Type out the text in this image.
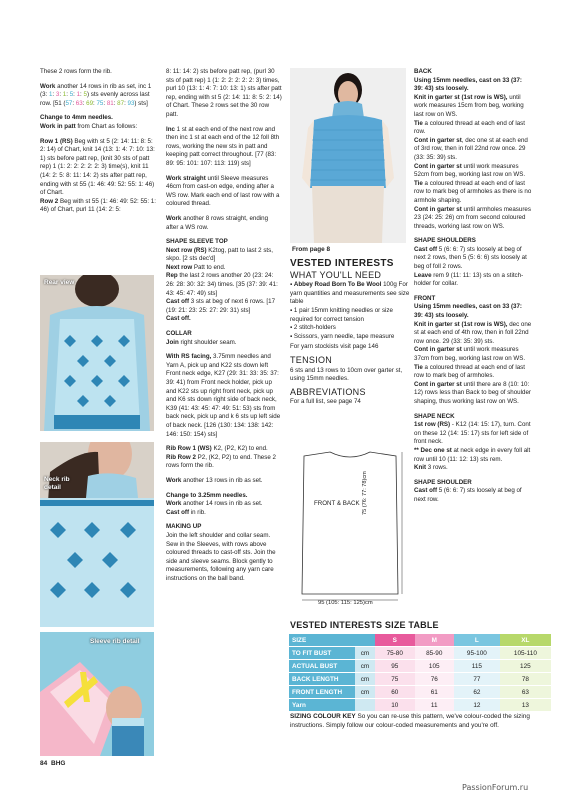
These 2 rows form the rib.

Work another 14 rows in rib as set, inc 1 (3: 1: 3: 1: 5: 1: 5) sts evenly across last row. [51 (57: 63: 69: 75: 81: 87: 93) sts]

Change to 4mm needles.

Work in patt from Chart as follows:

Row 1 (RS) Beg with st 5 (2: 14: 11: 8: 5: 2: 14) of Chart, knit 14 (13: 1: 4: 7: 10: 13: 1) sts before patt rep, (knit 30 sts of patt rep) 1 (1: 2: 2: 2: 2: 2: 3) time(s), knit 11 (14: 2: 5: 8: 11: 14: 2) sts after patt rep, ending with st 55 (1: 46: 49: 52: 55: 1: 46) of Chart.

Row 2 Beg with st 55 (1: 46: 49: 52: 55: 1: 46) of Chart, purl 11 (14: 2: 5:

Rear view
Neck rib detail
Sleeve rib detail

8: 11: 14: 2) sts before patt rep, (purl 30 sts of patt rep) 1 (1: 2: 2: 2: 2: 2: 3) times, purl 10 (13: 1: 4: 7: 10: 13: 1) sts after patt rep, ending with st 5 (2: 14: 11: 8: 5: 2: 14) of Chart. These 2 rows set the 30 row patt.

Inc 1 st at each end of the next row and then inc 1 st at each end of the 12 foll 8th rows, working the new sts in patt and keeping patt correct throughout. [77 (83: 89: 95: 101: 107: 113: 119) sts]

Work straight until Sleeve measures 46cm from cast-on edge, ending after a WS row. Mark each end of last row with a coloured thread.

Work another 8 rows straight, ending after a WS row.

SHAPE SLEEVE TOP

Next row (RS) K2tog, patt to last 2 sts, skpo. [2 sts dec'd]

Next row Patt to end.

Rep the last 2 rows another 20 (23: 24: 26: 28: 30: 32: 34) times. [35 (37: 39: 41: 43: 45: 47: 49) sts]

Cast off 3 sts at beg of next 6 rows. [17 (19: 21: 23: 25: 27: 29: 31) sts]

Cast off.

COLLAR

Join right shoulder seam.

With RS facing, 3.75mm needles and Yarn A, pick up and K22 sts down left Front neck edge, K27 (29: 31: 33: 35: 37: 39: 41) from Front neck holder, pick up and K22 sts up right front neck, pick up and K6 sts down right side of back neck, K39 (41: 43: 45: 47: 49: 51: 53) sts from back neck, pick up and k 6 sts up left side of back neck. [126 (130: 134: 138: 142: 146: 150: 154) sts]

Rib Row 1 (WS) K2, (P2, K2) to end.

Rib Row 2 P2, (K2, P2) to end. These 2 rows form the rib.

Work another 13 rows in rib as set.

Change to 3.25mm needles.

Work another 14 rows in rib as set.

Cast off in rib.

MAKING UP

Join the left shoulder and collar seam. Sew in the Sleeves, with rows above coloured threads to cast-off sts. Join the side and sleeve seams. Block gently to measurements, following any yarn care instructions on the ball band.

From page 8
VESTED INTERESTS
WHAT YOU'LL NEED
▪ Abbey Road Born To Be Wool 100g For yarn quantities and measurements see size table
▪ 1 pair 15mm knitting needles or size required for correct tension
▪ 2 stitch-holders
▪ Scissors, yarn needle, tape measure
For yarn stockists visit page 146
TENSION
6 sts and 13 rows to 10cm over garter st, using 15mm needles.
ABBREVIATIONS
For a full list, see page 74
FRONT & BACK 75 (76: 77: 78)cm
95 (105: 115: 125)cm
BACK
Using 15mm needles, cast on 33 (37: 39: 43) sts loosely.
Knit in garter st (1st row is WS), until work measures 15cm from beg, working last row on WS.
Tie a coloured thread at each end of last row.
Cont in garter st, dec one st at each end of 3rd row, then in foll 22nd row once. 29 (33: 35: 39) sts.
Cont in garter st until work measures 52cm from beg, working last row on WS.
Tie a coloured thread at each end of last row to mark beg of armholes as there is no armhole shaping.
Cont in garter st until armholes measures 23 (24: 25: 26) cm from second coloured threads, working last row on WS.
SHAPE SHOULDERS
Cast off 5 (6: 6: 7) sts loosely at beg of next 2 rows, then 5 (5: 6: 6) sts loosely at beg of foll 2 rows.
Leave rem 9 (11: 11: 13) sts on a stitch-holder for collar.
FRONT
Using 15mm needles, cast on 33 (37: 39: 43) sts loosely.
Knit in garter st (1st row is WS), dec one st at each end of 4th row, then in foll 22nd row once. 29 (33: 35: 39) sts.
Cont in garter st until work measures 37cm from beg, working last row on WS.
Tie a coloured thread at each end of last row to mark beg of armholes.
Cont in garter st until there are 8 (10: 10: 12) rows less than Back to beg of shoulder shaping, thus working last row on WS.
SHAPE NECK
1st row (RS) - K12 (14: 15: 17), turn. Cont on these 12 (14: 15: 17) sts for left side of front neck.
** Dec one st at neck edge in every foll alt row until 10 (11: 12: 13) sts rem.
Knit 3 rows.
SHAPE SHOULDER
Cast off 5 (6: 6: 7) sts loosely at beg of next row.
VESTED INTERESTS SIZE TABLE
SIZE		S	M	L	XL
TO FIT BUST	cm	75-80	85-90	95-100	105-110
ACTUAL BUST	cm	95	105	115	125
BACK LENGTH	cm	75	76	77	78
FRONT LENGTH	cm	60	61	62	63
Yarn		10	11	12	13
SIZING COLOUR KEY So you can re-use this pattern, we've colour-coded the sizing instructions. Simply follow our colour-coded measurements and you're off.
84 BHG
PassionForum.ru
